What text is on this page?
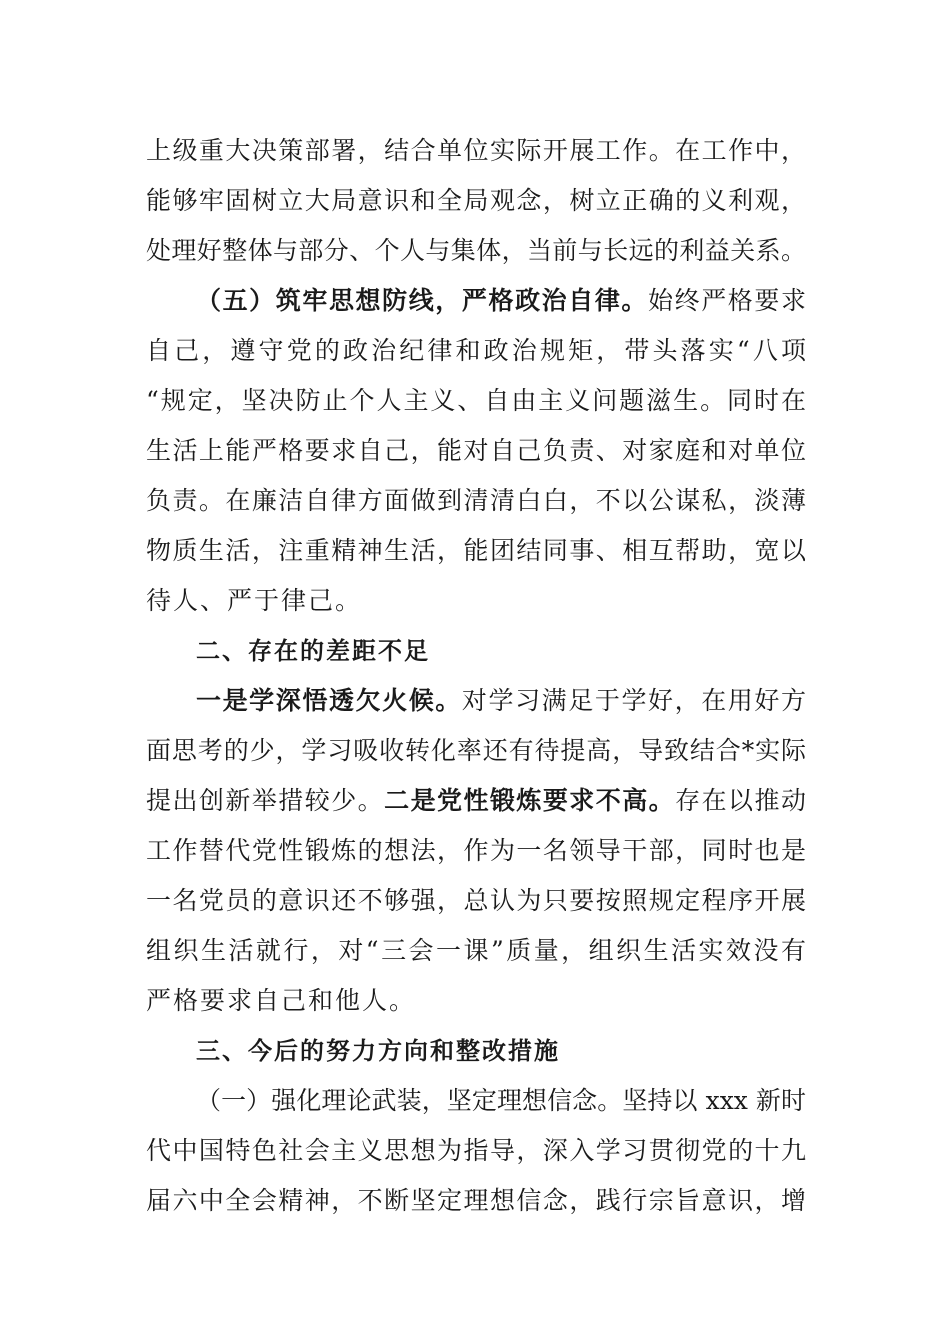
上级重大决策部署，结合单位实际开展工作。在工作中，
能够牢固树立大局意识和全局观念，树立正确的义利观，
处理好整体与部分、个人与集体，当前与长远的利益关系。
（五）筑牢思想防线，严格政治自律。始终严格要求
自己，遵守党的政治纪律和政治规矩，带头落实“八项
“规定，坚决防止个人主义、自由主义问题滋生。同时在
生活上能严格要求自己，能对自己负责、对家庭和对单位
负责。在廉洁自律方面做到清清白白，不以公谋私，淡薄
物质生活，注重精神生活，能团结同事、相互帮助，宽以
待人、严于律己。
二、存在的差距不足
一是学深悟透欠火候。对学习满足于学好，在用好方
面思考的少，学习吸收转化率还有待提高，导致结合*实际
提出创新举措较少。二是党性锻炼要求不高。存在以推动
工作替代党性锻炼的想法，作为一名领导干部，同时也是
一名党员的意识还不够强，总认为只要按照规定程序开展
组织生活就行，对“三会一课”质量，组织生活实效没有
严格要求自己和他人。
三、今后的努力方向和整改措施
（一）强化理论武装，坚定理想信念。坚持以 xxx 新时
代中国特色社会主义思想为指导，深入学习贯彻党的十九
届六中全会精神，不断坚定理想信念，践行宗旨意识，增
